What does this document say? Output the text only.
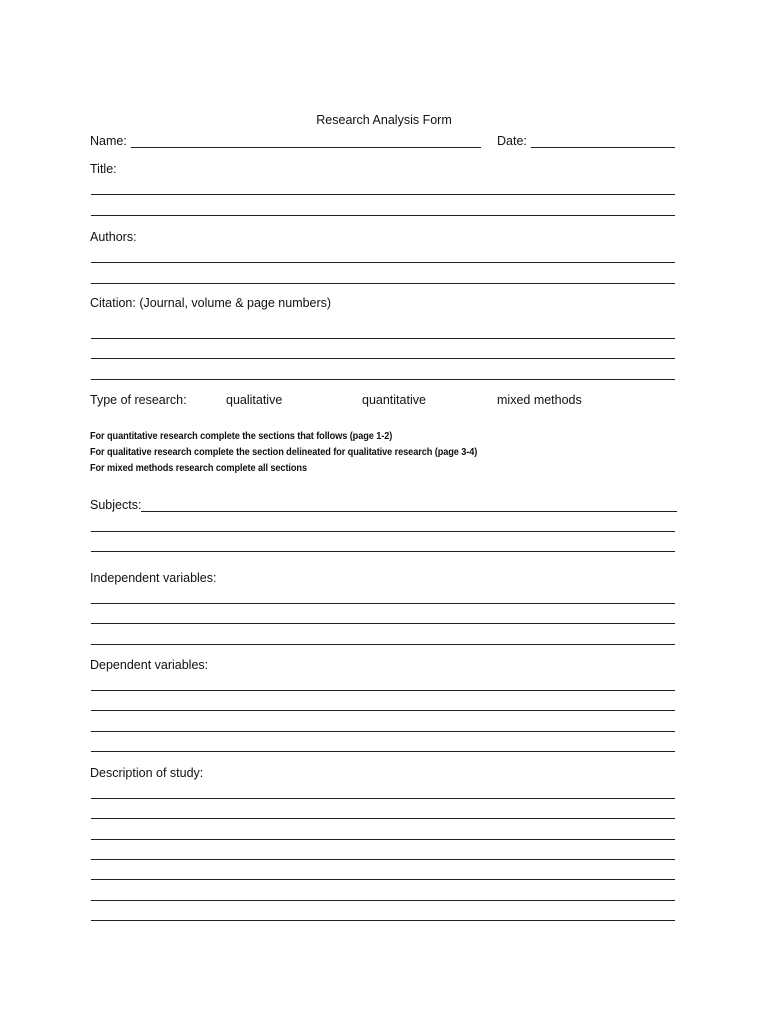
Research Analysis Form
Name:	Date:
Title:
Authors:
Citation: (Journal, volume & page numbers)
Type of research:	qualitative	quantitative	mixed methods
For quantitative research complete the sections that follows (page 1-2)
For qualitative research complete the section delineated for qualitative research (page 3-4)
For mixed methods research complete all sections
Subjects:
Independent variables:
Dependent variables:
Description of study:
